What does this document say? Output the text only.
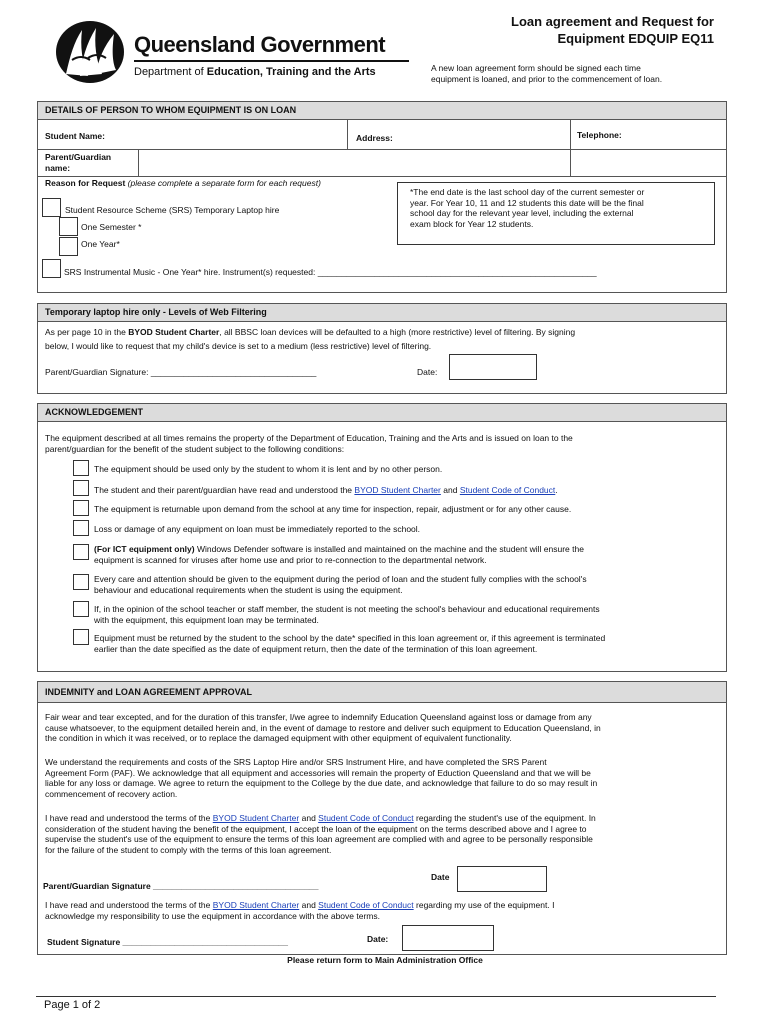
Queensland Government
Department of Education, Training and the Arts
Loan agreement and Request for
Equipment EDQUIP EQ11
A new loan agreement form should be signed each time
equipment is loaned, and prior to the commencement of loan.
DETAILS OF PERSON TO WHOM EQUIPMENT IS ON LOAN
Student Name:	Address:	Telephone:
Parent/Guardian
name:
Reason for Request (please complete a separate form for each request)
Student Resource Scheme (SRS) Temporary Laptop hire
One Semester *
One Year*
*The end date is the last school day of the current semester or
year. For Year 10, 11 and 12 students this date will be the final
school day for the relevant year level, including the external
exam block for Year 12 students.
SRS Instrumental Music - One Year* hire. Instrument(s) requested: ___________________________________________________________
Temporary laptop hire only - Levels of Web Filtering
As per page 10 in the BYOD Student Charter, all BBSC loan devices will be defaulted to a high (more restrictive) level of filtering. By signing
below, I would like to request that my child's device is set to a medium (less restrictive) level of filtering.
Parent/Guardian Signature: ___________________________________	Date:
ACKNOWLEDGEMENT
The equipment described at all times remains the property of the Department of Education, Training and the Arts and is issued on loan to the
parent/guardian for the benefit of the student subject to the following conditions:
The equipment should be used only by the student to whom it is lent and by no other person.
The student and their parent/guardian have read and understood the BYOD Student Charter and Student Code of Conduct.
The equipment is returnable upon demand from the school at any time for inspection, repair, adjustment or for any other cause.
Loss or damage of any equipment on loan must be immediately reported to the school.
(For ICT equipment only) Windows Defender software is installed and maintained on the machine and the student will ensure the
equipment is scanned for viruses after home use and prior to re-connection to the departmental network.
Every care and attention should be given to the equipment during the period of loan and the student fully complies with the school's
behaviour and educational requirements when the student is using the equipment.
If, in the opinion of the school teacher or staff member, the student is not meeting the school's behaviour and educational requirements
with the equipment, this equipment loan may be terminated.
Equipment must be returned by the student to the school by the date* specified in this loan agreement or, if this agreement is terminated
earlier than the date specified as the date of equipment return, then the date of the termination of this loan agreement.
INDEMNITY and LOAN AGREEMENT APPROVAL
Fair wear and tear excepted, and for the duration of this transfer, I/we agree to indemnify Education Queensland against loss or damage from any
cause whatsoever, to the equipment detailed herein and, in the event of damage to restore and deliver such equipment to Education Queensland, in
the condition in which it was received, or to replace the damaged equipment with other equipment of equivalent functionality.
We understand the requirements and costs of the SRS Laptop Hire and/or SRS Instrument Hire, and have completed the SRS Parent
Agreement Form (PAF). We acknowledge that all equipment and accessories will remain the property of Eduction Queensland and that we will be
liable for any loss or damage. We agree to return the equipment to the College by the due date, and acknowledge that failure to do so may result in
commencement of recovery action.
I have read and understood the terms of the BYOD Student Charter and Student Code of Conduct regarding the student's use of the equipment. In
consideration of the student having the benefit of the equipment, I accept the loan of the equipment on the terms described above and I agree to
supervise the student's use of the equipment to ensure the terms of this loan agreement are complied with and agree to be personally responsible
for the failure of the student to comply with the terms of this loan agreement.
Parent/Guardian Signature ___________________________________
Date
I have read and understood the terms of the BYOD Student Charter and Student Code of Conduct regarding my use of the equipment. I
acknowledge my responsibility to use the equipment in accordance with the above terms.
Student Signature ___________________________________	Date:
Please return form to Main Administration Office
Page 1 of 2
